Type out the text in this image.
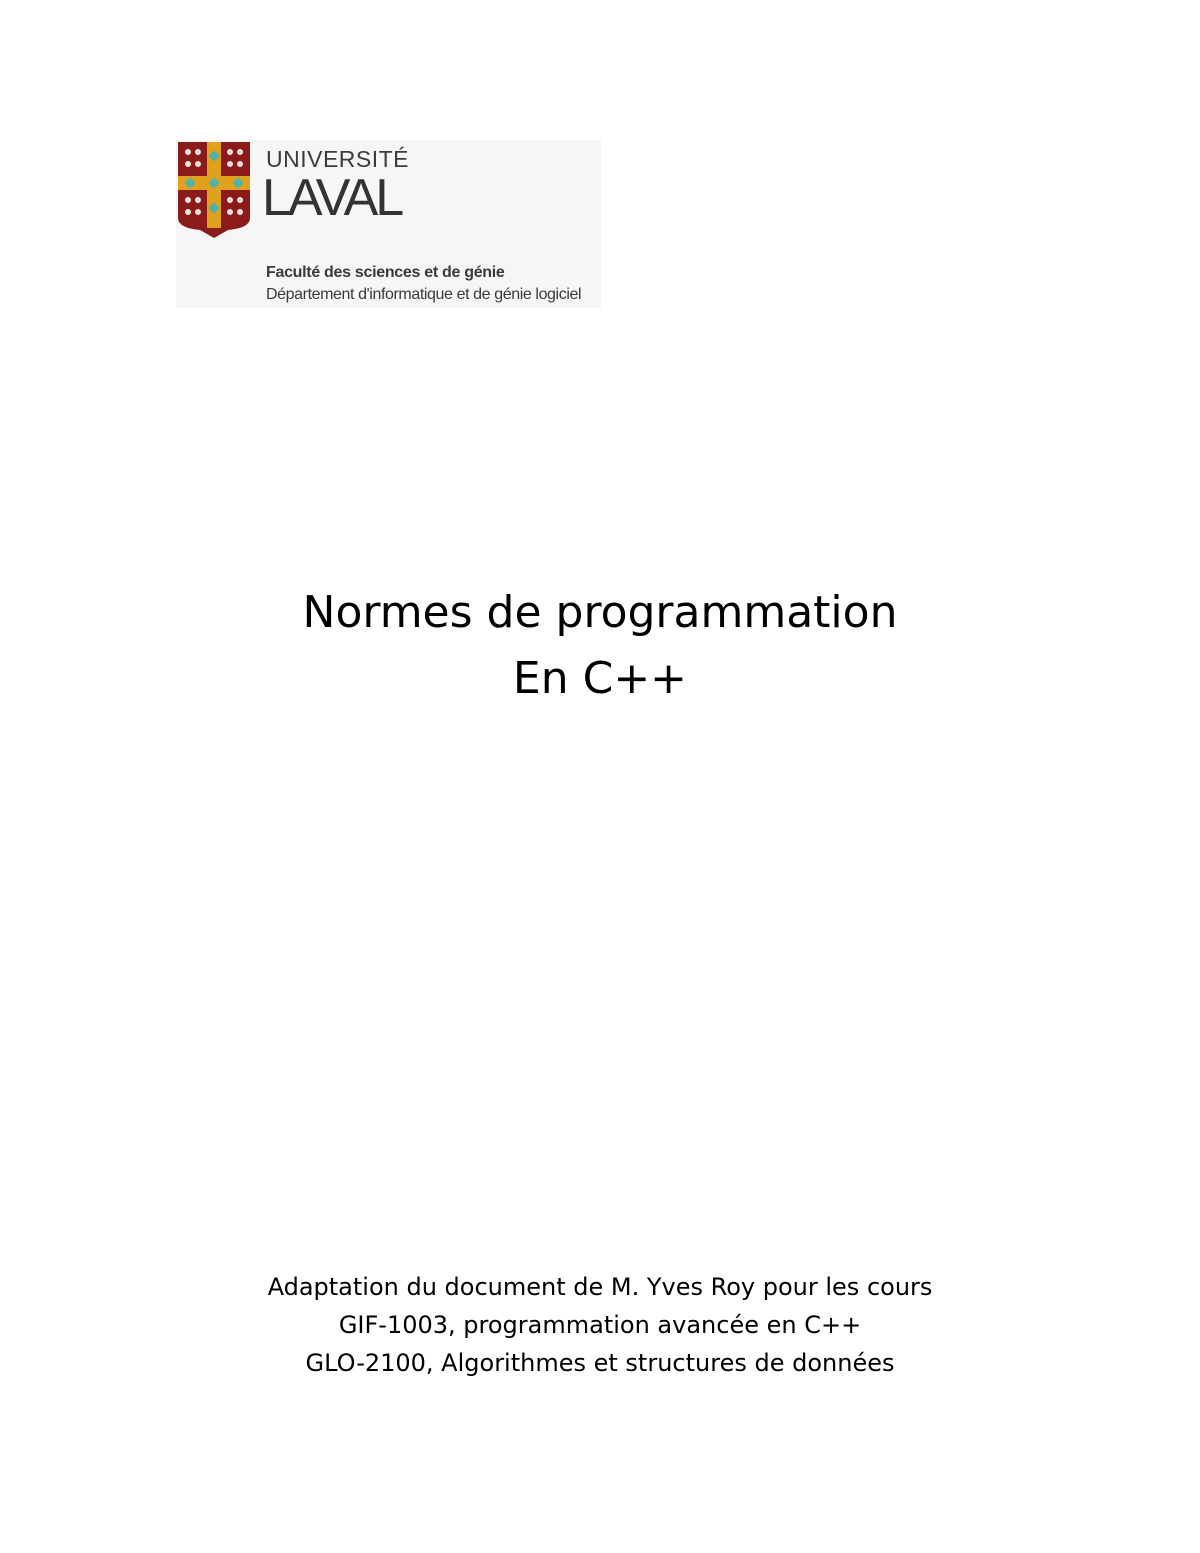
UNIVERSITÉ
LAVAL
Faculté des sciences et de génie
Département d'informatique et de génie logiciel
Normes de programmation
En C++
Adaptation du document de M. Yves Roy pour les cours
GIF-1003, programmation avancée en C++
GLO-2100, Algorithmes et structures de données
